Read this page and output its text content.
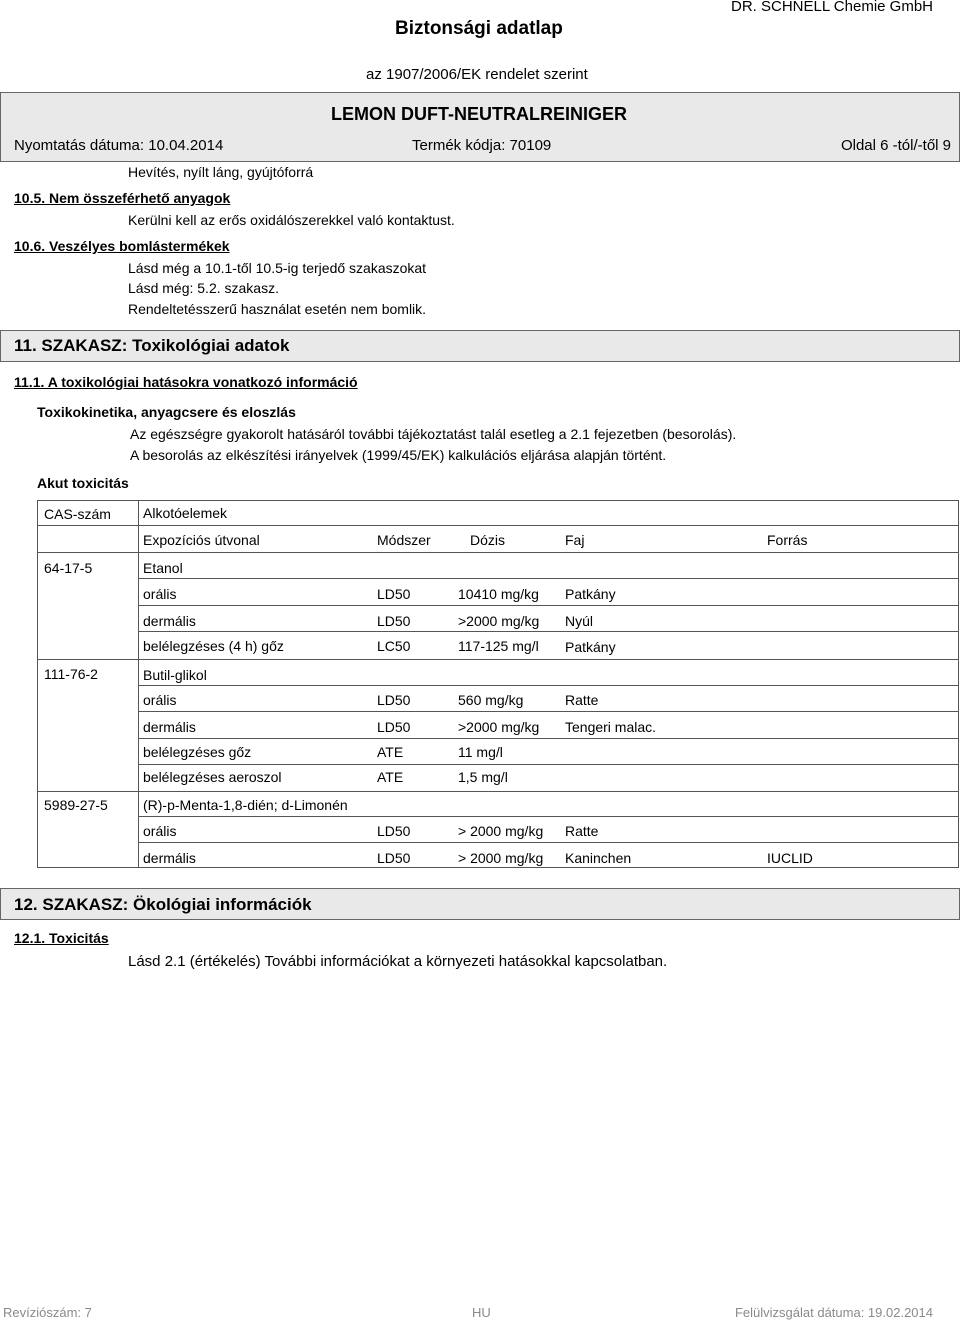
Biztonsági adatlap
DR. SCHNELL Chemie GmbH
az 1907/2006/EK rendelet szerint
LEMON DUFT-NEUTRALREINIGER
Nyomtatás dátuma: 10.04.2014	Termék kódja: 70109	Oldal 6 -tól/-től 9
Hevítés, nyílt láng, gyújtóforrá
10.5. Nem összeférhető anyagok
Kerülni kell az erős oxidálószerekkel való kontaktust.
10.6. Veszélyes bomlástermékek
Lásd még a 10.1-től 10.5-ig terjedő szakaszokat
Lásd még: 5.2. szakasz.
Rendeltetésszerű használat esetén nem bomlik.
11. SZAKASZ: Toxikológiai adatok
11.1. A toxikológiai hatásokra vonatkozó információ
Toxikokinetika, anyagcsere és eloszlás
Az egészségre gyakorolt hatásáról további tájékoztatást talál esetleg a 2.1 fejezetben (besorolás).
A besorolás az elkészítési irányelvek (1999/45/EK) kalkulációs eljárása alapján történt.
Akut toxicitás
CAS-szám Alkotóelemek
Expozíciós útvonal	Módszer	Dózis	Faj	Forrás
64-17-5	Etanol
orális	LD50	10410 mg/kg Patkány
dermális	LD50	>2000 mg/kg Nyúl
belélegzéses (4 h) gőz	LC50	117-125 mg/l Patkány
111-76-2	Butil-glikol
orális	LD50	560 mg/kg	Ratte
dermális	LD50	>2000 mg/kg Tengeri malac.
belélegzéses gőz	ATE	11 mg/l
belélegzéses aeroszol	ATE	1,5 mg/l
5989-27-5	(R)-p-Menta-1,8-dién; d-Limonén
orális	LD50	> 2000 mg/kg Ratte
dermális	LD50	> 2000 mg/kg Kaninchen	IUCLID
12. SZAKASZ: Ökológiai információk
12.1. Toxicitás
Lásd 2.1 (értékelés) További információkat a környezeti hatásokkal kapcsolatban.
Revíziószám: 7	HU	Felülvizsgálat dátuma: 19.02.2014
